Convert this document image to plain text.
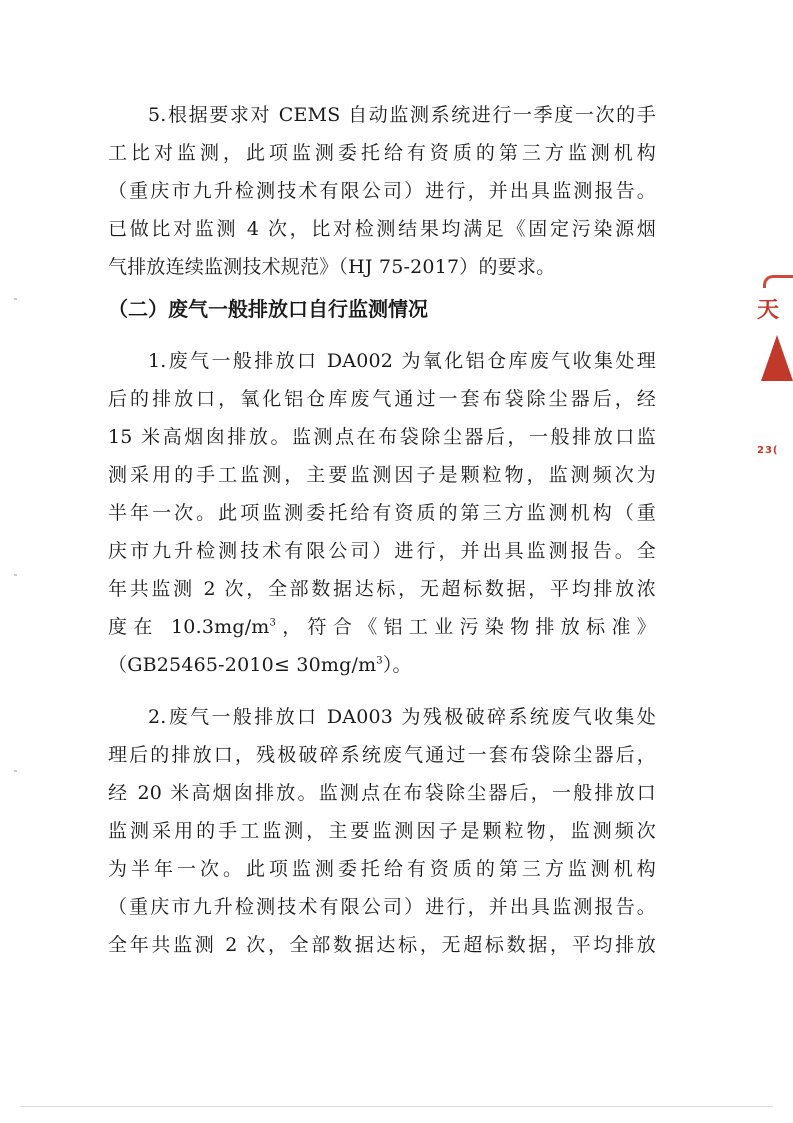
5.根据要求对 CEMS 自动监测系统进行一季度一次的手
工比对监测，此项监测委托给有资质的第三方监测机构
（重庆市九升检测技术有限公司）进行，并出具监测报告。
已做比对监测 4 次，比对检测结果均满足《固定污染源烟
气排放连续监测技术规范》（HJ 75-2017）的要求。
（二）废气一般排放口自行监测情况
1.废气一般排放口 DA002 为氧化铝仓库废气收集处理
后的排放口，氧化铝仓库废气通过一套布袋除尘器后，经
15 米高烟囱排放。监测点在布袋除尘器后，一般排放口监
测采用的手工监测，主要监测因子是颗粒物，监测频次为
半年一次。此项监测委托给有资质的第三方监测机构（重
庆市九升检测技术有限公司）进行，并出具监测报告。全
年共监测 2 次，全部数据达标，无超标数据，平均排放浓
度在 $10.3mg/m^3$，符合《铝工业污染物排放标准》
$(GB25465-2010\le 30mg/m^3)$。
2.废气一般排放口 DA003 为残极破碎系统废气收集处
理后的排放口，残极破碎系统废气通过一套布袋除尘器后，
经 20 米高烟囱排放。监测点在布袋除尘器后，一般排放口
监测采用的手工监测，主要监测因子是颗粒物，监测频次
为半年一次。此项监测委托给有资质的第三方监测机构
（重庆市九升检测技术有限公司）进行，并出具监测报告。
全年共监测 2 次，全部数据达标，无超标数据，平均排放
天
23(
